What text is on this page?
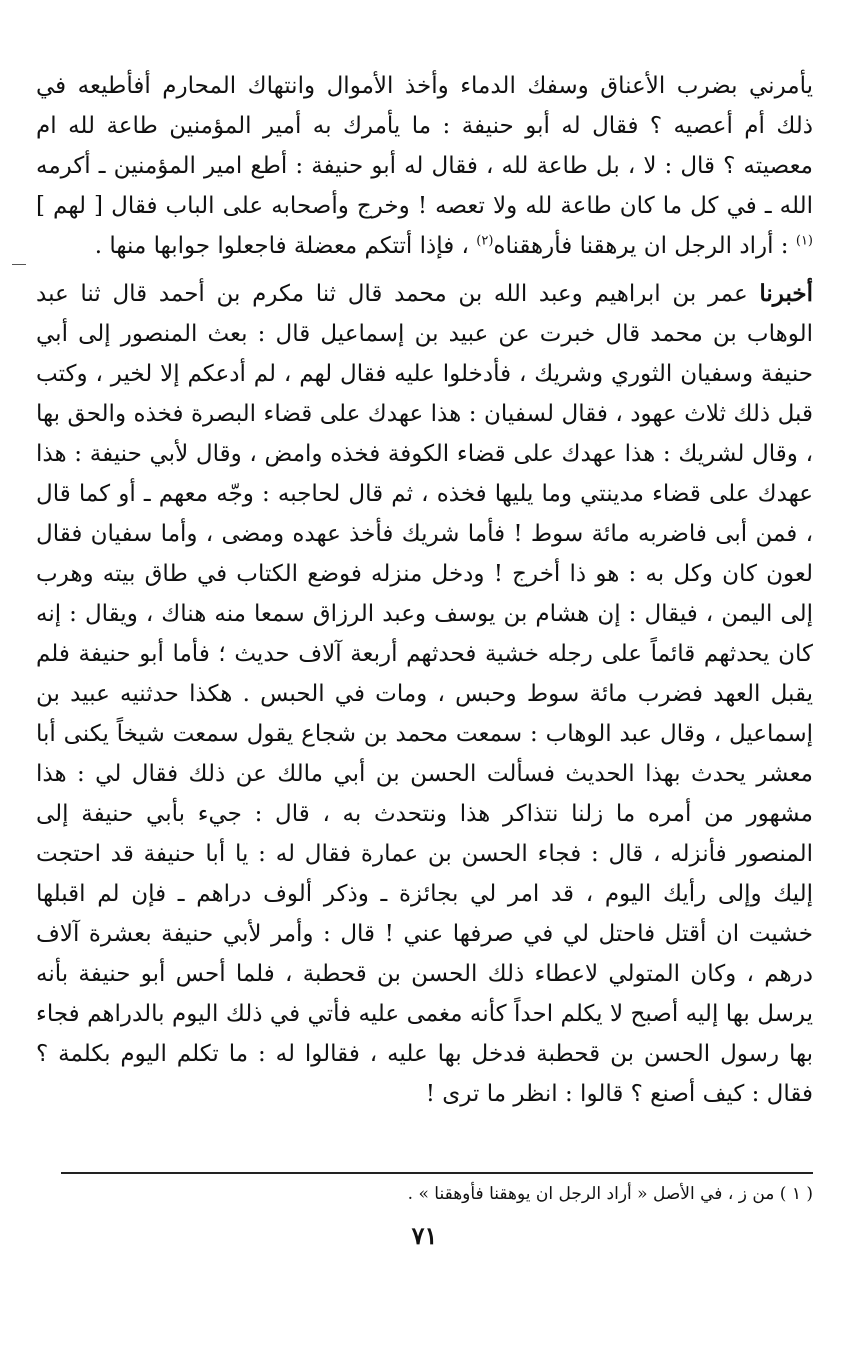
يأمرني بضرب الأعناق وسفك الدماء وأخذ الأموال وانتهاك المحارم أفأطيعه في ذلك أم أعصيه ؟ فقال له أبو حنيفة : ما يأمرك به أمير المؤمنين طاعة لله ام معصيته ؟ قال : لا ، بل طاعة لله ، فقال له أبو حنيفة : أطع امير المؤمنين ـ أكرمه الله ـ في كل ما كان طاعة لله ولا تعصه ! وخرج وأصحابه على الباب فقال [ لهم ]$^{(١)}$ : أراد الرجل ان يرهقنا فأرهقناه$^{(٢)}$ ، فإذا أتتكم معضلة فاجعلوا جوابها منها .

أخبرنا عمر بن ابراهيم وعبد الله بن محمد قال ثنا مكرم بن أحمد قال ثنا عبد الوهاب بن محمد قال خبرت عن عبيد بن إسماعيل قال : بعث المنصور إلى أبي حنيفة وسفيان الثوري وشريك ، فأدخلوا عليه فقال لهم ، لم أدعكم إلا لخير ، وكتب قبل ذلك ثلاث عهود ، فقال لسفيان : هذا عهدك على قضاء البصرة فخذه والحق بها ، وقال لشريك : هذا عهدك على قضاء الكوفة فخذه وامض ، وقال لأبي حنيفة : هذا عهدك على قضاء مدينتي وما يليها فخذه ، ثم قال لحاجبه : وجّه معهم ـ أو كما قال ، فمن أبى فاضربه مائة سوط ! فأما شريك فأخذ عهده ومضى ، وأما سفيان فقال لعون كان وكل به : هو ذا أخرج ! ودخل منزله فوضع الكتاب في طاق بيته وهرب إلى اليمن ، فيقال : إن هشام بن يوسف وعبد الرزاق سمعا منه هناك ، ويقال : إنه كان يحدثهم قائماً على رجله خشية فحدثهم أربعة آلاف حديث ؛ فأما أبو حنيفة فلم يقبل العهد فضرب مائة سوط وحبس ، ومات في الحبس . هكذا حدثنيه عبيد بن إسماعيل ، وقال عبد الوهاب : سمعت محمد بن شجاع يقول سمعت شيخاً يكنى أبا معشر يحدث بهذا الحديث فسألت الحسن بن أبي مالك عن ذلك فقال لي : هذا مشهور من أمره ما زلنا نتذاكر هذا ونتحدث به ، قال : جيء بأبي حنيفة إلى المنصور فأنزله ، قال : فجاء الحسن بن عمارة فقال له : يا أبا حنيفة قد احتجت إليك وإلى رأيك اليوم ، قد امر لي بجائزة ـ وذكر ألوف دراهم ـ فإن لم اقبلها خشيت ان أقتل فاحتل لي في صرفها عني ! قال : وأمر لأبي حنيفة بعشرة آلاف درهم ، وكان المتولي لاعطاء ذلك الحسن بن قحطبة ، فلما أحس أبو حنيفة بأنه يرسل بها إليه أصبح لا يكلم احداً كأنه مغمى عليه فأتي في ذلك اليوم بالدراهم فجاء بها رسول الحسن بن قحطبة فدخل بها عليه ، فقالوا له : ما تكلم اليوم بكلمة ؟ فقال : كيف أصنع ؟ قالوا : انظر ما ترى !

( ١ ) من ز ، في الأصل « أراد الرجل ان يوهقنا فأوهقنا » .

٧١
